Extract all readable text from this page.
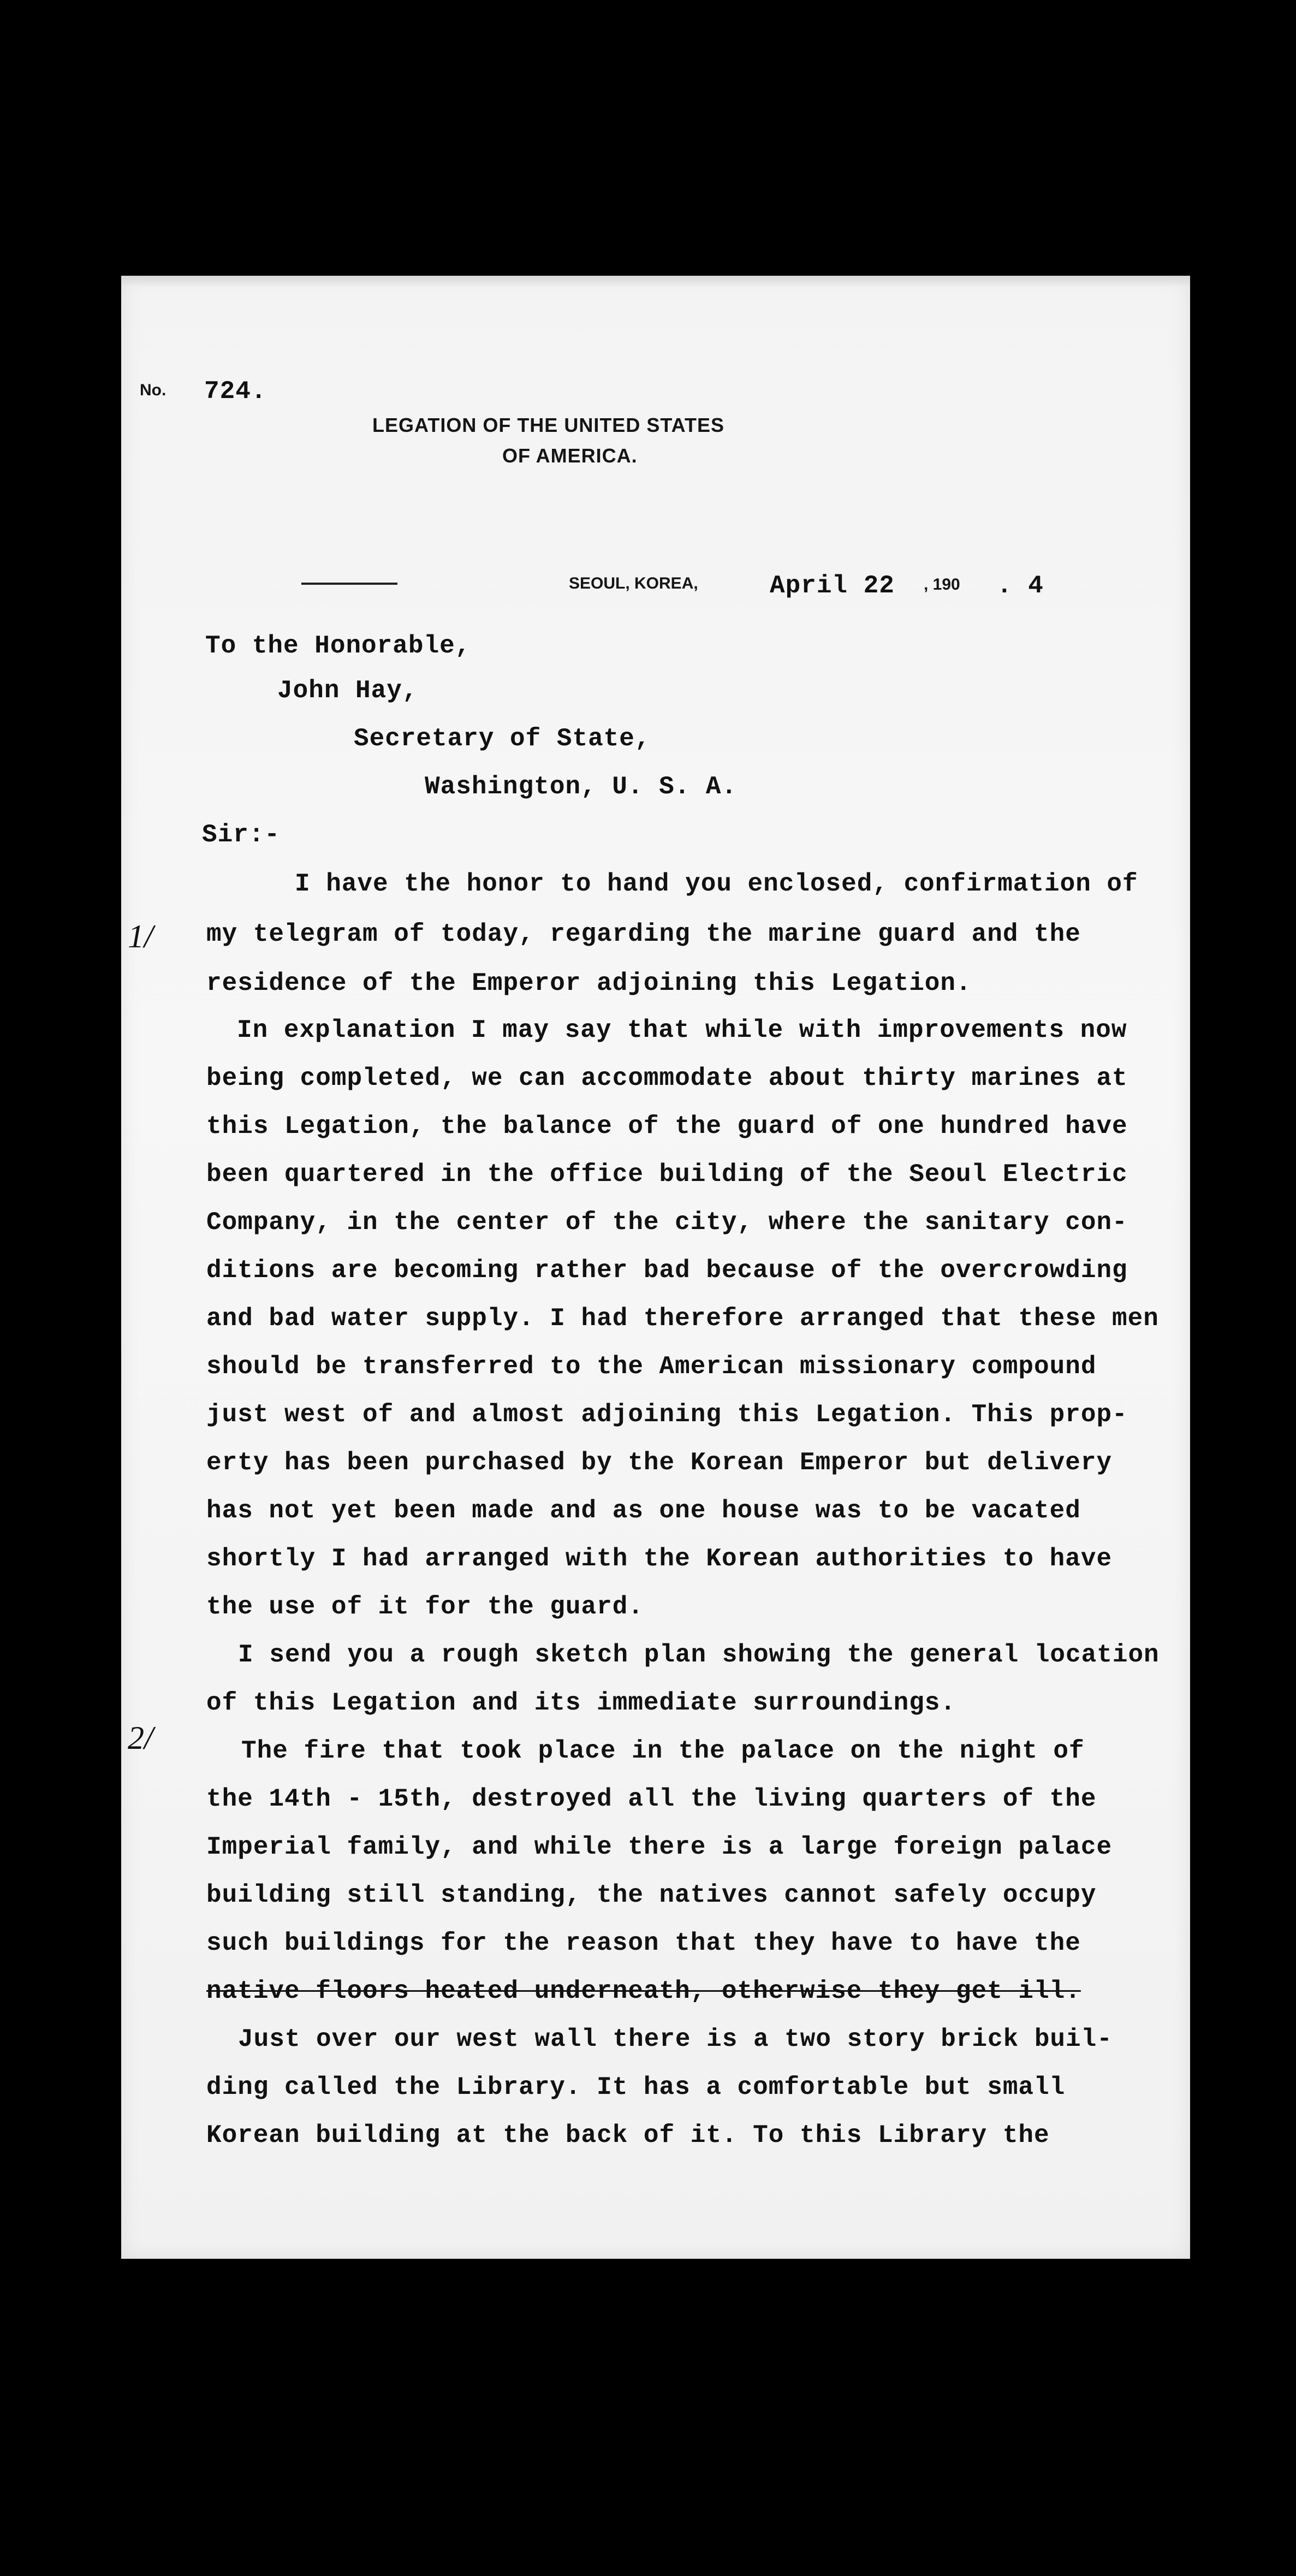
No. 724.
LEGATION OF THE UNITED STATES
OF AMERICA.
SEOUL, KOREA,	April 22 , 190 . 4
To the Honorable,
John Hay,
Secretary of State,
Washington, U. S. A.
Sir:-
1/
2/
I have the honor to hand you enclosed, confirmation of
my telegram of today, regarding the marine guard and the
residence of the Emperor adjoining this Legation.
In explanation I may say that while with improvements now
being completed, we can accommodate about thirty marines at
this Legation, the balance of the guard of one hundred have
been quartered in the office building of the Seoul Electric
Company, in the center of the city, where the sanitary con-
ditions are becoming rather bad because of the overcrowding
and bad water supply. I had therefore arranged that these men
should be transferred to the American missionary compound
just west of and almost adjoining this Legation. This prop-
erty has been purchased by the Korean Emperor but delivery
has not yet been made and as one house was to be vacated
shortly I had arranged with the Korean authorities to have
the use of it for the guard.
I send you a rough sketch plan showing the general location
of this Legation and its immediate surroundings.
The fire that took place in the palace on the night of
the 14th - 15th, destroyed all the living quarters of the
Imperial family, and while there is a large foreign palace
building still standing, the natives cannot safely occupy
such buildings for the reason that they have to have the
native floors heated underneath, otherwise they get ill.
Just over our west wall there is a two story brick buil-
ding called the Library. It has a comfortable but small
Korean building at the back of it. To this Library the
